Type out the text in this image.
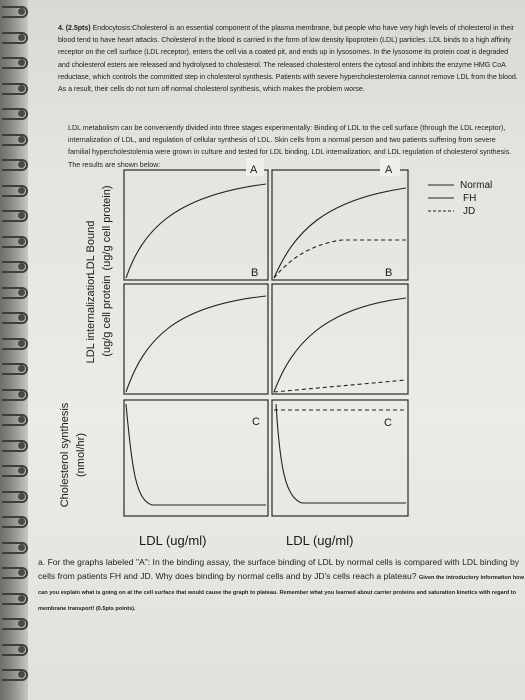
4. (2.5pts) Endocytosis:Cholesterol is an essential component of the plasma membrane, but people who have very high levels of cholesterol in their blood tend to have heart attacks. Cholesterol in the blood is carried in the form of low density lipoprotein (LDL) particles. LDL binds to a high affinity receptor on the cell surface (LDL receptor), enters the cell via a coated pit, and ends up in lysosomes. In the lysosome its protein coat is degraded and cholesterol esters are released and hydrolysed to cholesterol. The released cholesterol enters the cytosol and inhibits the enzyme HMG CoA reductase, which controls the committed step in cholesterol synthesis. Patients with severe hypercholesterolemia cannot remove LDL from the blood. As a result, their cells do not turn off normal cholesterol synthesis, which makes the problem worse.
LDL metabolism can be conveniently divided into three stages experimentally: Binding of LDL to the cell surface (through the LDL receptor), internalization of LDL, and regulation of cellular synthesis of LDL. Skin cells from a normal person and two patients suffering from severe familial hypercholestolemia were grown in culture and tested for LDL binding, LDL internalization, and LDL regulation of cholesterol synthesis. The results are shown below:
LDL Bound (ug/g cell protein)
LDL internalization (ug/g cell protein
Cholesterol synthesis (nmol/hr)
A	A
B	B
C	C
Normal
FH
JD
LDL (ug/ml)	LDL (ug/ml)
a. For the graphs labeled "A": In the binding assay, the surface binding of LDL by normal cells is compared with LDL binding by cells from patients FH and JD. Why does binding by normal cells and by JD's cells reach a plateau? Given the introductory information how can you explain what is going on at the cell surface that would cause the graph to plateau. Remember what you learned about carrier proteins and saturation kinetics with regard to membrane transport! (0.5pts points).
